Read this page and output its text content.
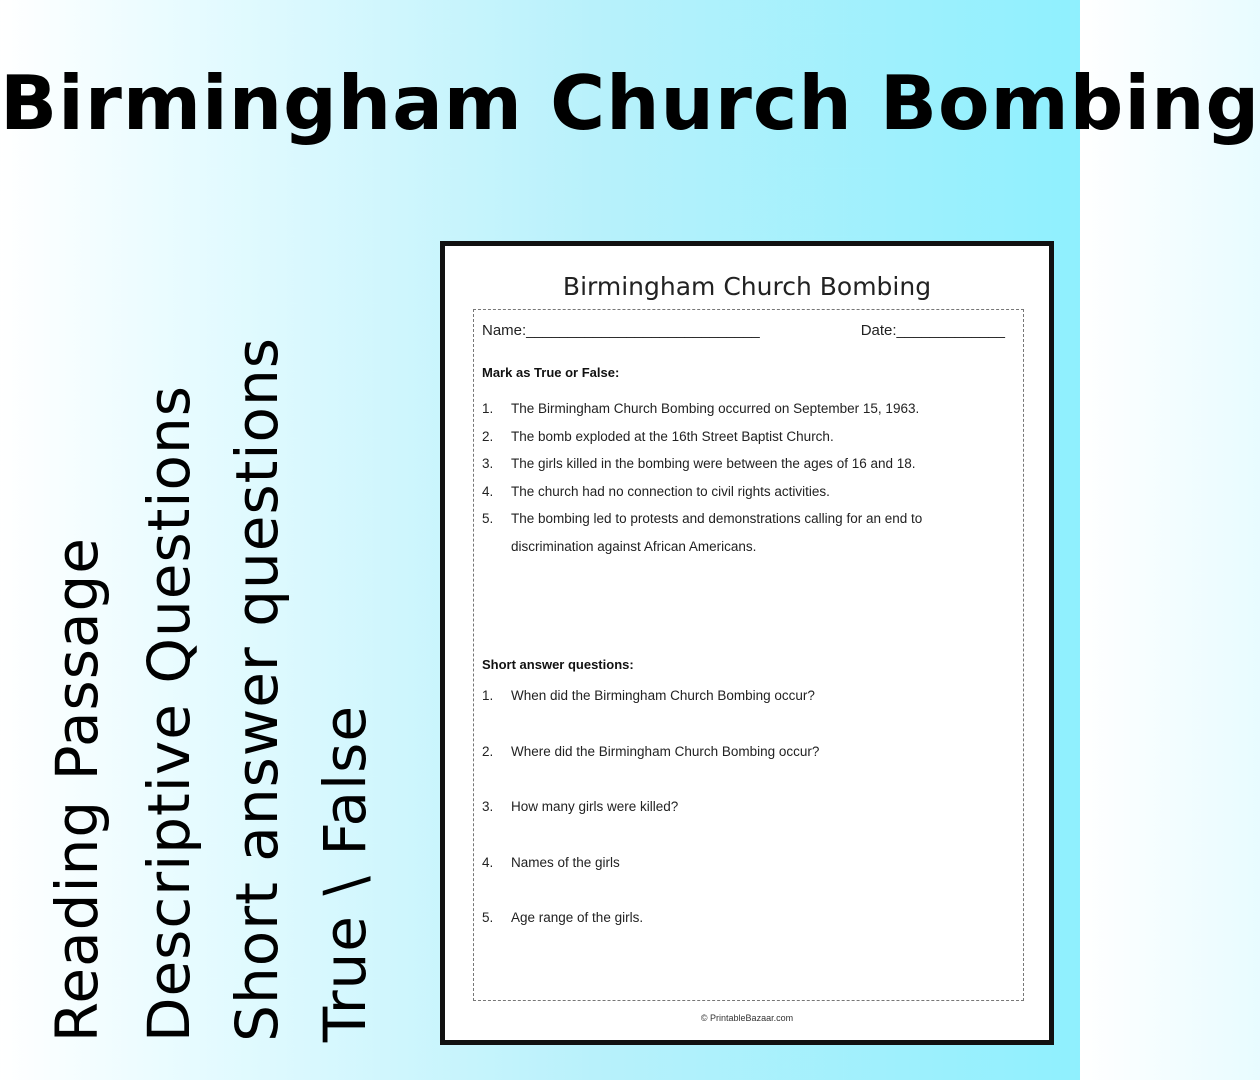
Birmingham Church Bombing
Reading Passage Descriptive Questions Short answer questions True \ False
Birmingham Church Bombing
Name:____________________________	Date:_____________
Mark as True or False:
1. The Birmingham Church Bombing occurred on September 15, 1963.
2. The bomb exploded at the 16th Street Baptist Church.
3. The girls killed in the bombing were between the ages of 16 and 18.
4. The church had no connection to civil rights activities.
5. The bombing led to protests and demonstrations calling for an end to discrimination against African Americans.
Short answer questions:
1. When did the Birmingham Church Bombing occur?
2. Where did the Birmingham Church Bombing occur?
3. How many girls were killed?
4. Names of the girls
5. Age range of the girls.
© PrintableBazaar.com
